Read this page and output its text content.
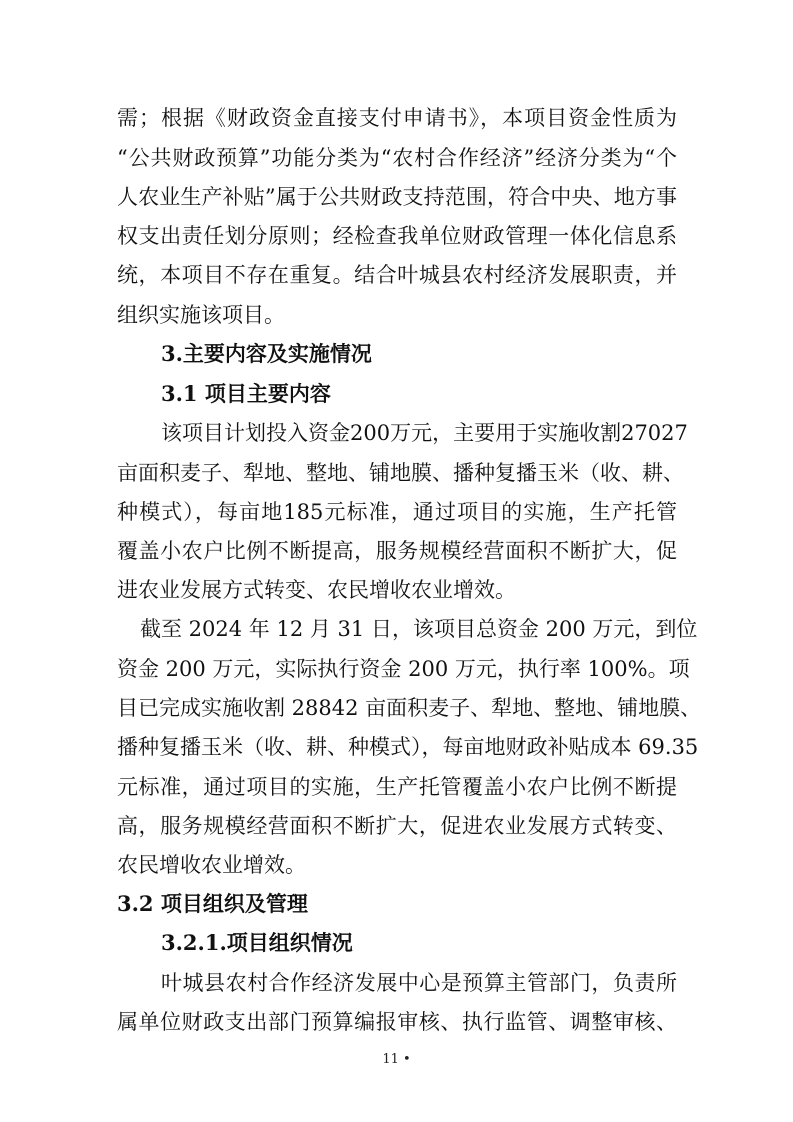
需；根据《财政资金直接支付申请书》，本项目资金性质为
“公共财政预算”功能分类为“农村合作经济”经济分类为“个
人农业生产补贴”属于公共财政支持范围，符合中央、地方事
权支出责任划分原则；经检查我单位财政管理一体化信息系
统，本项目不存在重复。结合叶城县农村经济发展职责，并
组织实施该项目。
3.主要内容及实施情况
3.1 项目主要内容
该项目计划投入资金200万元，主要用于实施收割27027
亩面积麦子、犁地、整地、铺地膜、播种复播玉米（收、耕、
种模式），每亩地185元标准，通过项目的实施，生产托管
覆盖小农户比例不断提高，服务规模经营面积不断扩大，促
进农业发展方式转变、农民增收农业增效。
截至 2024 年 12 月 31 日，该项目总资金 200 万元，到位
资金 200 万元，实际执行资金 200 万元，执行率 100%。项
目已完成实施收割 28842 亩面积麦子、犁地、整地、铺地膜、
播种复播玉米（收、耕、种模式），每亩地财政补贴成本 69.35
元标准，通过项目的实施，生产托管覆盖小农户比例不断提
高，服务规模经营面积不断扩大，促进农业发展方式转变、
农民增收农业增效。
3.2 项目组织及管理
3.2.1.项目组织情况
叶城县农村合作经济发展中心是预算主管部门，负责所
属单位财政支出部门预算编报审核、执行监管、调整审核、
11 •
